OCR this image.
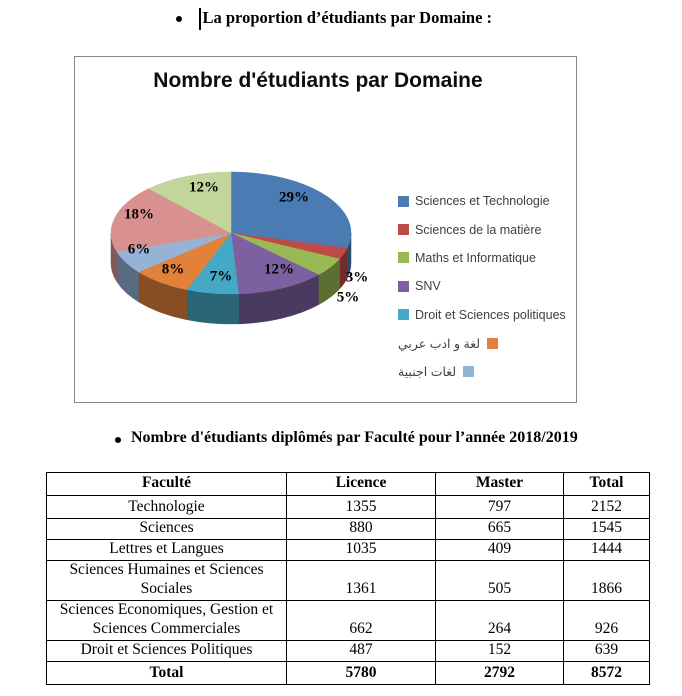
La proportion d’étudiants par Domaine :
Nombre d'étudiants par Domaine
29%
3%
5%
12%
7%
8%
6%
18%
12%
Sciences et Technologie
Sciences de la matière
Maths et Informatique
SNV
Droit et Sciences politiques
لغة و ادب عربي
لغات اجنبية
Nombre d'étudiants diplômés par Faculté pour l’année 2018/2019
Faculté	Licence	Master	Total
Technologie	1355	797	2152
Sciences	880	665	1545
Lettres et Langues	1035	409	1444
Sciences Humaines et Sciences Sociales	1361	505	1866
Sciences Economiques, Gestion et Sciences Commerciales	662	264	926
Droit et Sciences Politiques	487	152	639
Total	5780	2792	8572
